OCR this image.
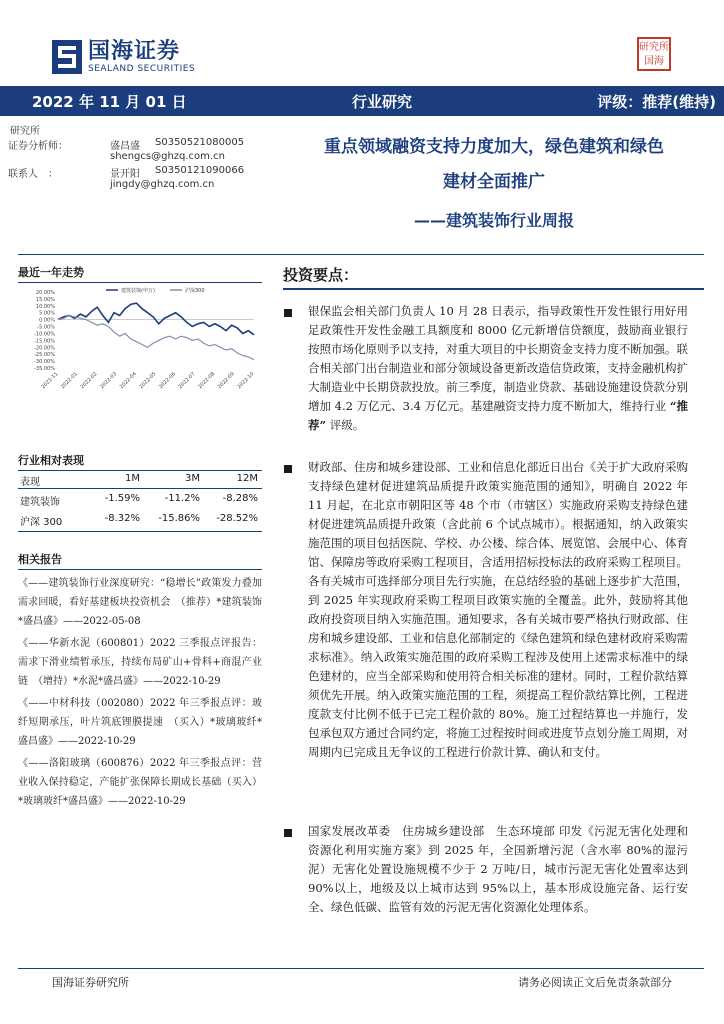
国海证券
SEALAND SECURITIES
研究所 国海
2022 年 11 月 01 日	行业研究	评级：推荐(维持)
研究所
证券分析师：	盛昌盛 S0350521080005
shengcs@ghzq.com.cn
联系人　：	景开阳 S0350121090066
jingdy@ghzq.com.cn
重点领域融资支持力度加大，绿色建筑和绿色
建材全面推广
——建筑装饰行业周报
最近一年走势
20.00%
15.00%
10.00%
5.00%
0.00%
-5.00%
-10.00%
-15.00%
-20.00%
-25.00%
-30.00%
-35.00%
2021-11 2022-01 2022-02 2022-03 2022-04 2022-05 2022-06 2022-07 2022-08 2022-09 2022-10
建筑装饰(申万)	沪深300
行业相对表现
表现	1M	3M	12M
建筑装饰	-1.59% -11.2% -8.28%
沪深 300	-8.32% -15.86% -28.52%
相关报告

《——建筑装饰行业深度研究：“稳增长”政策发力叠加需求回暖，看好基建板块投资机会　（推荐）*建筑装饰*盛昌盛》——2022-05-08

《——华新水泥（600801）2022 三季报点评报告：需求下滑业绩暂承压，持续布局矿山+骨料+商混产业链　（增持）*水泥*盛昌盛》——2022-10-29

《——中材科技（002080）2022 年三季报点评：玻纤短期承压，叶片筑底锂膜提速　（买入）*玻璃玻纤*盛昌盛》——2022-10-29

《——洛阳玻璃（600876）2022 年三季报点评：营业收入保持稳定，产能扩张保障长期成长基础（买入）*玻璃玻纤*盛昌盛》——2022-10-29

投资要点：
银保监会相关部门负责人 10 月 28 日表示，指导政策性开发性银行用好用足政策性开发性金融工具额度和 8000 亿元新增信贷额度，鼓励商业银行按照市场化原则予以支持，对重大项目的中长期资金支持力度不断加强。联合相关部门出台制造业和部分领域设备更新改造信贷政策，支持金融机构扩大制造业中长期贷款投放。前三季度，制造业贷款、基础设施建设贷款分别增加 4.2 万亿元、3.4 万亿元。基建融资支持力度不断加大，维持行业 “推荐” 评级。
财政部、住房和城乡建设部、工业和信息化部近日出台《关于扩大政府采购支持绿色建材促进建筑品质提升政策实施范围的通知》，明确自 2022 年 11 月起，在北京市朝阳区等 48 个市（市辖区）实施政府采购支持绿色建材促进建筑品质提升政策（含此前 6 个试点城市）。根据通知，纳入政策实施范围的项目包括医院、学校、办公楼、综合体、展览馆、会展中心、体育馆、保障房等政府采购工程项目，含适用招标投标法的政府采购工程项目。各有关城市可选择部分项目先行实施，在总结经验的基础上逐步扩大范围，到 2025 年实现政府采购工程项目政策实施的全覆盖。此外，鼓励将其他政府投资项目纳入实施范围。通知要求，各有关城市要严格执行财政部、住房和城乡建设部、工业和信息化部制定的《绿色建筑和绿色建材政府采购需求标准》。纳入政策实施范围的政府采购工程涉及使用上述需求标准中的绿色建材的，应当全部采购和使用符合相关标准的建材。同时，工程价款结算须优先开展。纳入政策实施范围的工程，须提高工程价款结算比例，工程进度款支付比例不低于已完工程价款的 80%。施工过程结算也一并施行，发包承包双方通过合同约定，将施工过程按时间或进度节点划分施工周期，对周期内已完成且无争议的工程进行价款计算、确认和支付。
国家发展改革委　住房城乡建设部　生态环境部 印发《污泥无害化处理和资源化利用实施方案》到 2025 年，全国新增污泥（含水率 80%的湿污泥）无害化处置设施规模不少于 2 万吨/日，城市污泥无害化处置率达到 90%以上，地级及以上城市达到 95%以上，基本形成设施完备、运行安全、绿色低碳、监管有效的污泥无害化资源化处理体系。
国海证券研究所	请务必阅读正文后免责条款部分
